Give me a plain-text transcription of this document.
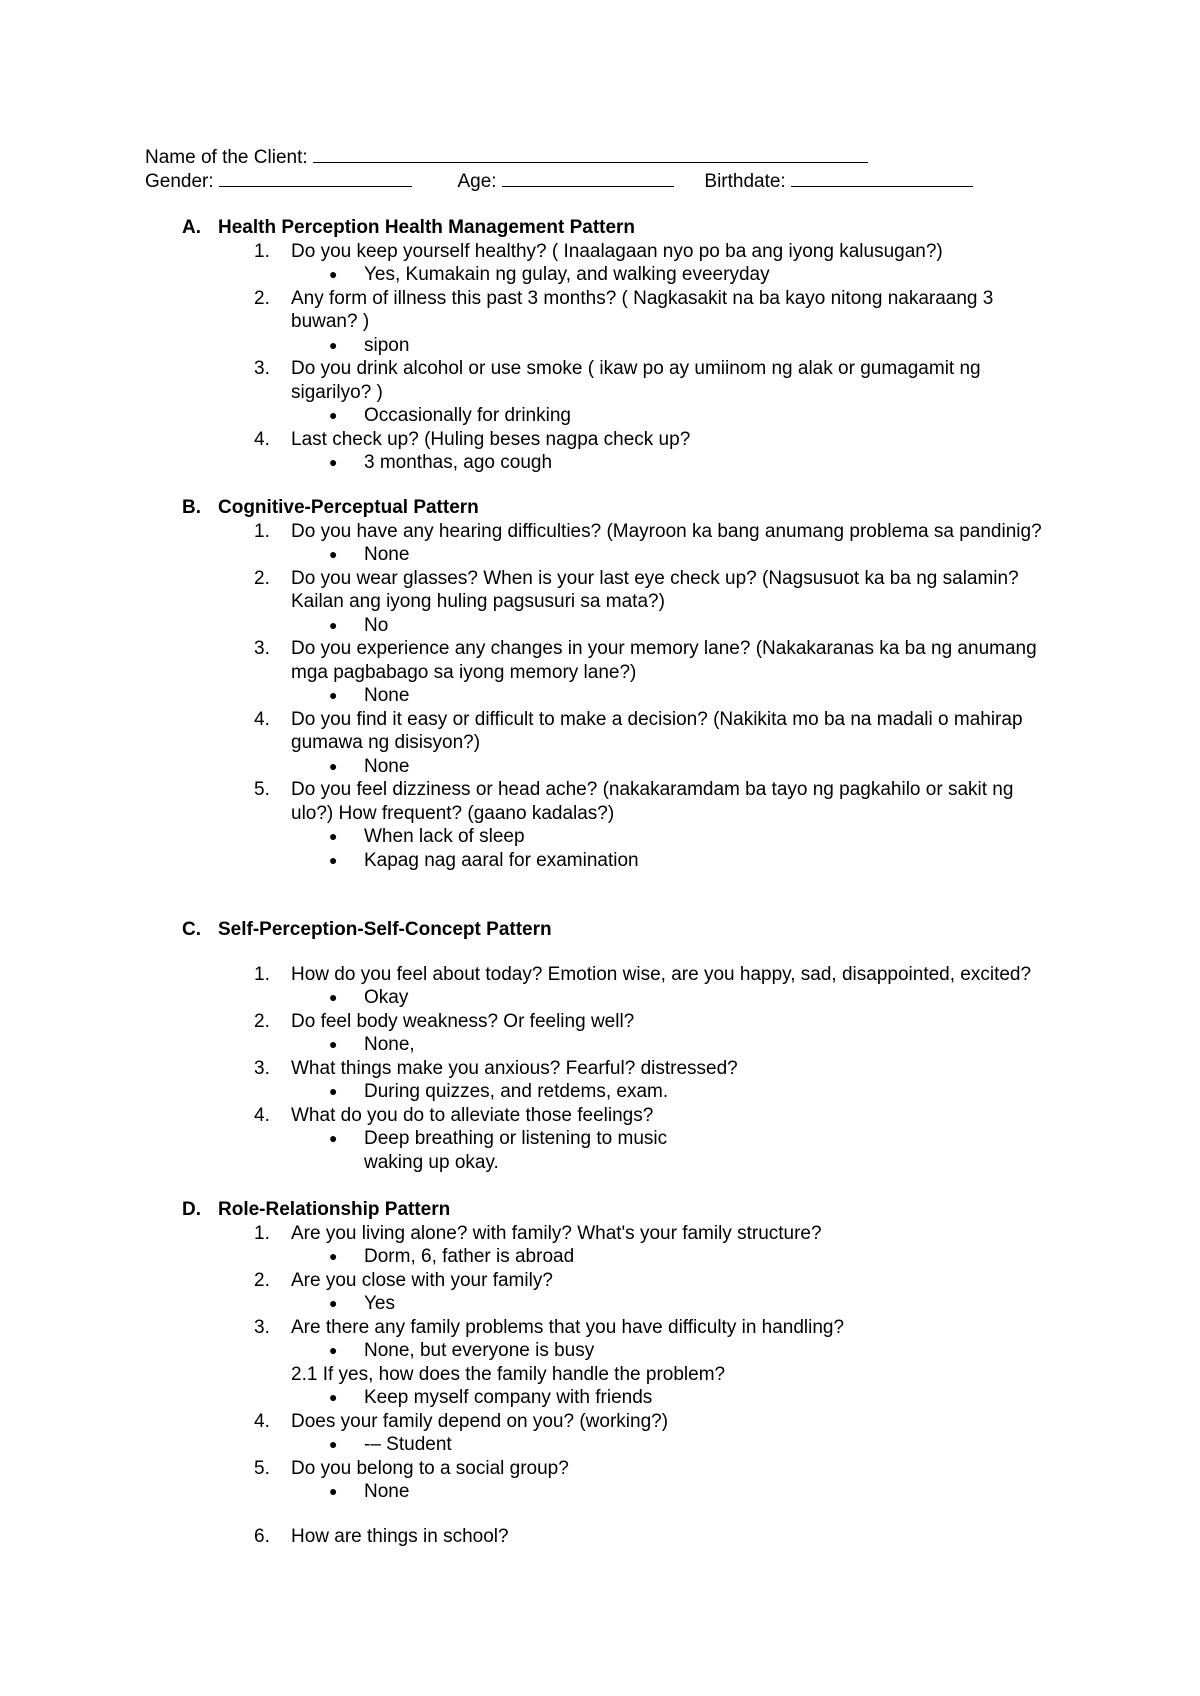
Name of the Client:
Gender:	Age:	Birthdate:
A. Health Perception Health Management Pattern
1. Do you keep yourself healthy? ( Inaalagaan nyo po ba ang iyong kalusugan?)
● Yes, Kumakain ng gulay, and walking eveeryday
2. Any form of illness this past 3 months? ( Nagkasakit na ba kayo nitong nakaraang 3 buwan? )
● sipon
3. Do you drink alcohol or use smoke ( ikaw po ay umiinom ng alak or gumagamit ng sigarilyo? )
● Occasionally for drinking
4. Last check up? (Huling beses nagpa check up?
● 3 monthas, ago cough
B. Cognitive-Perceptual Pattern
1. Do you have any hearing difficulties? (Mayroon ka bang anumang problema sa pandinig?
● None
2. Do you wear glasses? When is your last eye check up? (Nagsusuot ka ba ng salamin? Kailan ang iyong huling pagsusuri sa mata?)
● No
3. Do you experience any changes in your memory lane? (Nakakaranas ka ba ng anumang mga pagbabago sa iyong memory lane?)
● None
4. Do you find it easy or difficult to make a decision? (Nakikita mo ba na madali o mahirap gumawa ng disisyon?)
● None
5. Do you feel dizziness or head ache? (nakakaramdam ba tayo ng pagkahilo or sakit ng ulo?) How frequent? (gaano kadalas?)
● When lack of sleep
● Kapag nag aaral for examination
C. Self-Perception-Self-Concept Pattern
1. How do you feel about today? Emotion wise, are you happy, sad, disappointed, excited?
● Okay
2. Do feel body weakness? Or feeling well?
● None,
3. What things make you anxious? Fearful? distressed?
● During quizzes, and retdems, exam.
4. What do you do to alleviate those feelings?
● Deep breathing or listening to music
waking up okay.
D. Role-Relationship Pattern
1. Are you living alone? with family? What's your family structure?
● Dorm, 6, father is abroad
2. Are you close with your family?
● Yes
3. Are there any family problems that you have difficulty in handling?
● None, but everyone is busy
2.1 If yes, how does the family handle the problem?
● Keep myself company with friends
4. Does your family depend on you? (working?)
● -– Student
5. Do you belong to a social group?
● None
6. How are things in school?
